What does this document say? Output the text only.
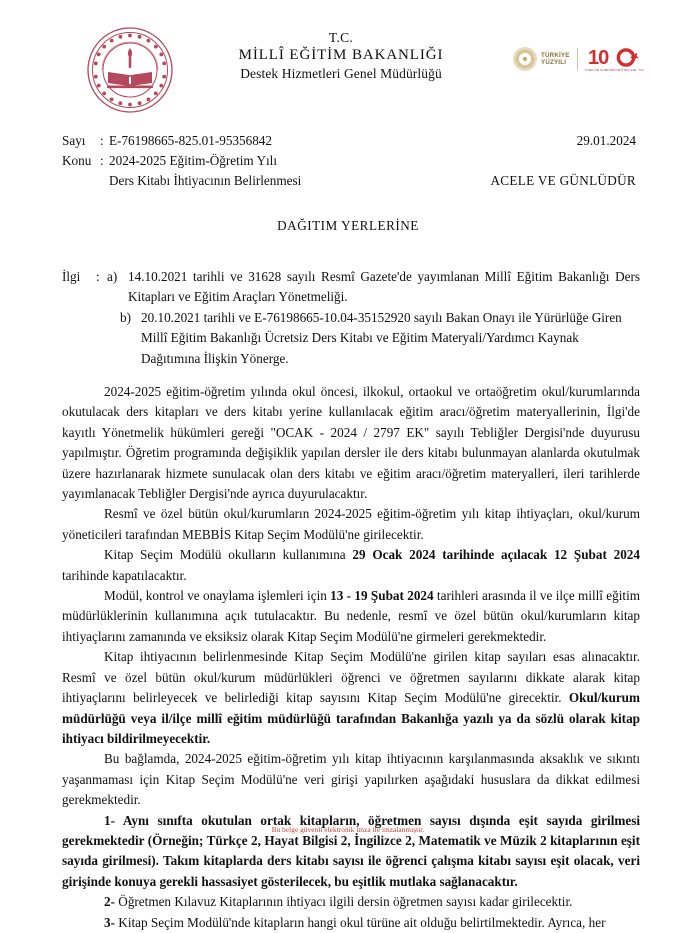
T.C.
MİLLÎ EĞİTİM BAKANLIĞI
Destek Hizmetleri Genel Müdürlüğü
TÜRKİYE
YÜZYILI 10
TÜRKİYE CUMHURİYETİ'NİN 100. YILI
Sayı	: E-76198665-825.01-95356842
Konu : 2024-2025 Eğitim-Öğretim Yılı
Ders Kitabı İhtiyacının Belirlenmesi
29.01.2024
ACELE VE GÜNLÜDÜR
DAĞITIM YERLERİNE
İlgi	: a) 14.10.2021 tarihli ve 31628 sayılı Resmî Gazete'de yayımlanan Millî Eğitim Bakanlığı Ders Kitapları ve Eğitim Araçları Yönetmeliği.
b) 20.10.2021 tarihli ve E-76198665-10.04-35152920 sayılı Bakan Onayı ile Yürürlüğe Giren Millî Eğitim Bakanlığı Ücretsiz Ders Kitabı ve Eğitim Materyali/Yardımcı Kaynak Dağıtımına İlişkin Yönerge.

2024-2025 eğitim-öğretim yılında okul öncesi, ilkokul, ortaokul ve ortaöğretim okul/kurumlarında okutulacak ders kitapları ve ders kitabı yerine kullanılacak eğitim aracı/öğretim materyallerinin, İlgi'de kayıtlı Yönetmelik hükümleri gereği "OCAK - 2024 / 2797 EK" sayılı Tebliğler Dergisi'nde duyurusu yapılmıştır. Öğretim programında değişiklik yapılan dersler ile ders kitabı bulunmayan alanlarda okutulmak üzere hazırlanarak hizmete sunulacak olan ders kitabı ve eğitim aracı/öğretim materyalleri, ileri tarihlerde yayımlanacak Tebliğler Dergisi'nde ayrıca duyurulacaktır.

Resmî ve özel bütün okul/kurumların 2024-2025 eğitim-öğretim yılı kitap ihtiyaçları, okul/kurum yöneticileri tarafından MEBBİS Kitap Seçim Modülü'ne girilecektir.

Kitap Seçim Modülü okulların kullanımına 29 Ocak 2024 tarihinde açılacak 12 Şubat 2024 tarihinde kapatılacaktır.

Modül, kontrol ve onaylama işlemleri için 13 - 19 Şubat 2024 tarihleri arasında il ve ilçe millî eğitim müdürlüklerinin kullanımına açık tutulacaktır. Bu nedenle, resmî ve özel bütün okul/kurumların kitap ihtiyaçlarını zamanında ve eksiksiz olarak Kitap Seçim Modülü'ne girmeleri gerekmektedir.

Kitap ihtiyacının belirlenmesinde Kitap Seçim Modülü'ne girilen kitap sayıları esas alınacaktır. Resmî ve özel bütün okul/kurum müdürlükleri öğrenci ve öğretmen sayılarını dikkate alarak kitap ihtiyaçlarını belirleyecek ve belirlediği kitap sayısını Kitap Seçim Modülü'ne girecektir. Okul/kurum müdürlüğü veya il/ilçe millî eğitim müdürlüğü tarafından Bakanlığa yazılı ya da sözlü olarak kitap ihtiyacı bildirilmeyecektir.

Bu bağlamda, 2024-2025 eğitim-öğretim yılı kitap ihtiyacının karşılanmasında aksaklık ve sıkıntı yaşanmaması için Kitap Seçim Modülü'ne veri girişi yapılırken aşağıdaki hususlara da dikkat edilmesi gerekmektedir.

1- Aynı sınıfta okutulan ortak kitapların, öğretmen sayısı dışında eşit sayıda girilmesi gerekmektedir (Örneğin; Türkçe 2, Hayat Bilgisi 2, İngilizce 2, Matematik ve Müzik 2 kitaplarının eşit sayıda girilmesi). Takım kitaplarda ders kitabı sayısı ile öğrenci çalışma kitabı sayısı eşit olacak, veri girişinde konuya gerekli hassasiyet gösterilecek, bu eşitlik mutlaka sağlanacaktır.

2- Öğretmen Kılavuz Kitaplarının ihtiyacı ilgili dersin öğretmen sayısı kadar girilecektir.

3- Kitap Seçim Modülü'nde kitapların hangi okul türüne ait olduğu belirtilmektedir. Ayrıca, her

Bu belge güvenli elektronik imza ile imzalanmıştır.
